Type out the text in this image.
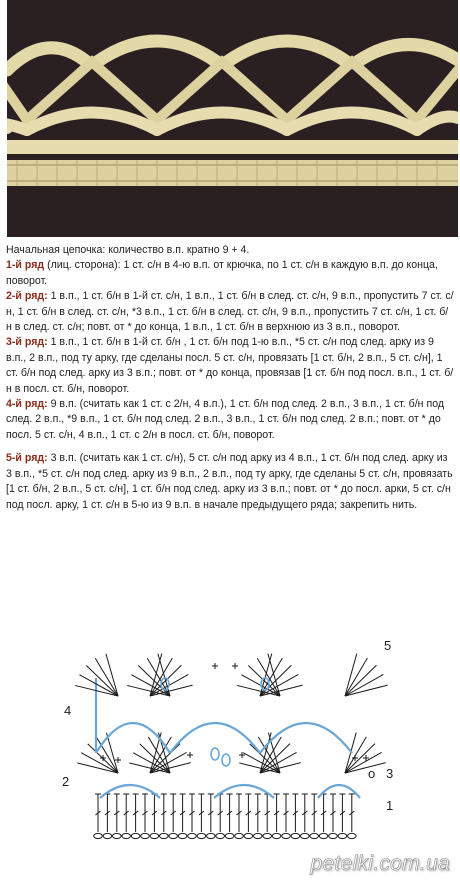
Начальная цепочка: количество в.п. кратно 9 + 4.

1-й ряд (лиц. сторона): 1 ст. с/н в 4-ю в.п. от крючка, по 1 ст. с/н в каждую в.п. до конца, поворот.

2-й ряд: 1 в.п., 1 ст. б/н в 1-й ст. с/н, 1 в.п., 1 ст. б/н в след. ст. с/н, 9 в.п., пропустить 7 ст. с/н, 1 ст. б/н в след. ст. с/н, *3 в.п., 1 ст. б/н в след. ст. с/н, 9 в.п., пропустить 7 ст. с/н, 1 ст. б/н в след. ст. с/н; повт. от * до конца, 1 в.п., 1 ст. б/н в верхнюю из 3 в.п., поворот.

3-й ряд: 1 в.п., 1 ст. б/н в 1-й ст. б/н , 1 ст. б/н под 1-ю в.п., *5 ст. с/н под след. арку из 9 в.п., 2 в.п., под ту арку, где сделаны посл. 5 ст. с/н, провязать [1 ст. б/н, 2 в.п., 5 ст. с/н], 1 ст. б/н под след. арку из 3 в.п.; повт. от * до конца, провязав [1 ст. б/н под посл. в.п., 1 ст. б/н в посл. ст. б/н, поворот.

4-й ряд: 9 в.п. (считать как 1 ст. с 2/н, 4 в.п.), 1 ст. б/н под след. 2 в.п., 3 в.п., 1 ст. б/н под след. 2 в.п., *9 в.п., 1 ст. б/н под след. 2 в.п., 3 в.п., 1 ст. б/н под след. 2 в.п.; повт. от * до посл. 5 ст. с/н, 4 в.п., 1 ст. с 2/н в посл. ст. б/н, поворот.

5-й ряд: 3 в.п. (считать как 1 ст. с/н), 5 ст. с/н под арку из 4 в.п., 1 ст. б/н под след. арку из 3 в.п., *5 ст. с/н под след. арку из 9 в.п., 2 в.п., под ту арку, где сделаны 5 ст. с/н, провязать [1 ст. б/н, 2 в.п., 5 ст. с/н], 1 ст. б/н под след. арку из 3 в.п.; повт. от * до посл. арки, 5 ст. с/н под посл. арку, 1 ст. с/н в 5-ю из 9 в.п. в начале предыдущего ряда; закрепить нить.

5
4
3
o
2
1
petelki.com.ua
